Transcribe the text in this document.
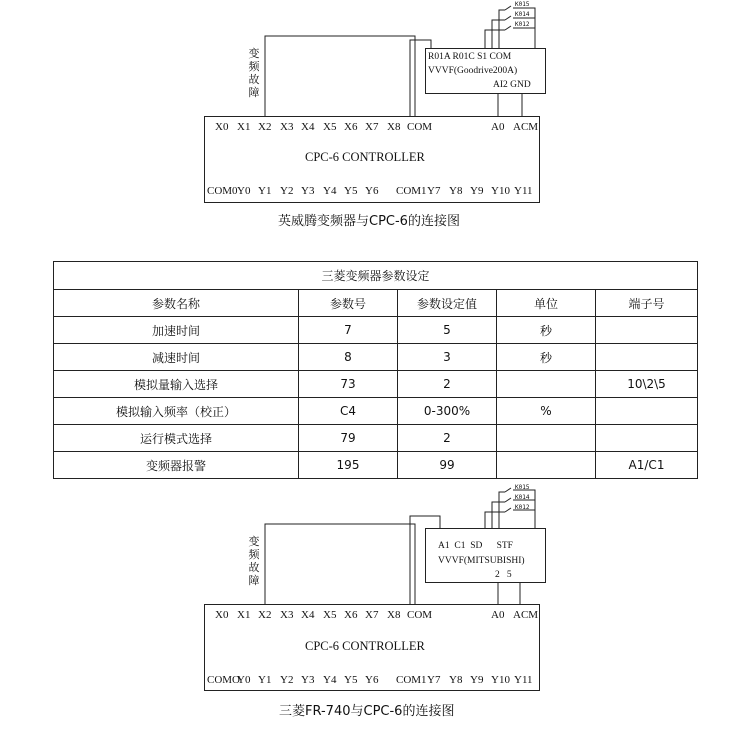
变
频
故
障
K015
K014
K012
R01A R01C S1 COM
VVVF(Goodrive200A)
AI2 GND
X0 X1 X2 X3 X4 X5 X6 X7 X8 COM	A0 ACM
CPC-6 CONTROLLER
COM0 Y0 Y1 Y2 Y3 Y4 Y5 Y6 COM1 Y7 Y8 Y9 Y10 Y11
英威腾变频器与CPC-6的连接图
三菱变频器参数设定				
参数名称	参数号	参数设定值	单位	端子号
加速时间	7	5	秒	
减速时间	8	3	秒	
模拟量输入选择	73	2		10\2\5
模拟输入频率（校正）	C4	0-300%	%	
运行模式选择	79	2		
变频器报警	195	99		A1/C1
变
频
故
障
K015
K014
K012
A1  C1  SD      STF
VVVF(MITSUBISHI)
2   5
X0 X1 X2 X3 X4 X5 X6 X7 X8 COM	A0 ACM
CPC-6 CONTROLLER
COMO
Y0 Y1 Y2 Y3 Y4 Y5 Y6 COM1 Y7 Y8 Y9 Y10 Y11
三菱FR-740与CPC-6的连接图
